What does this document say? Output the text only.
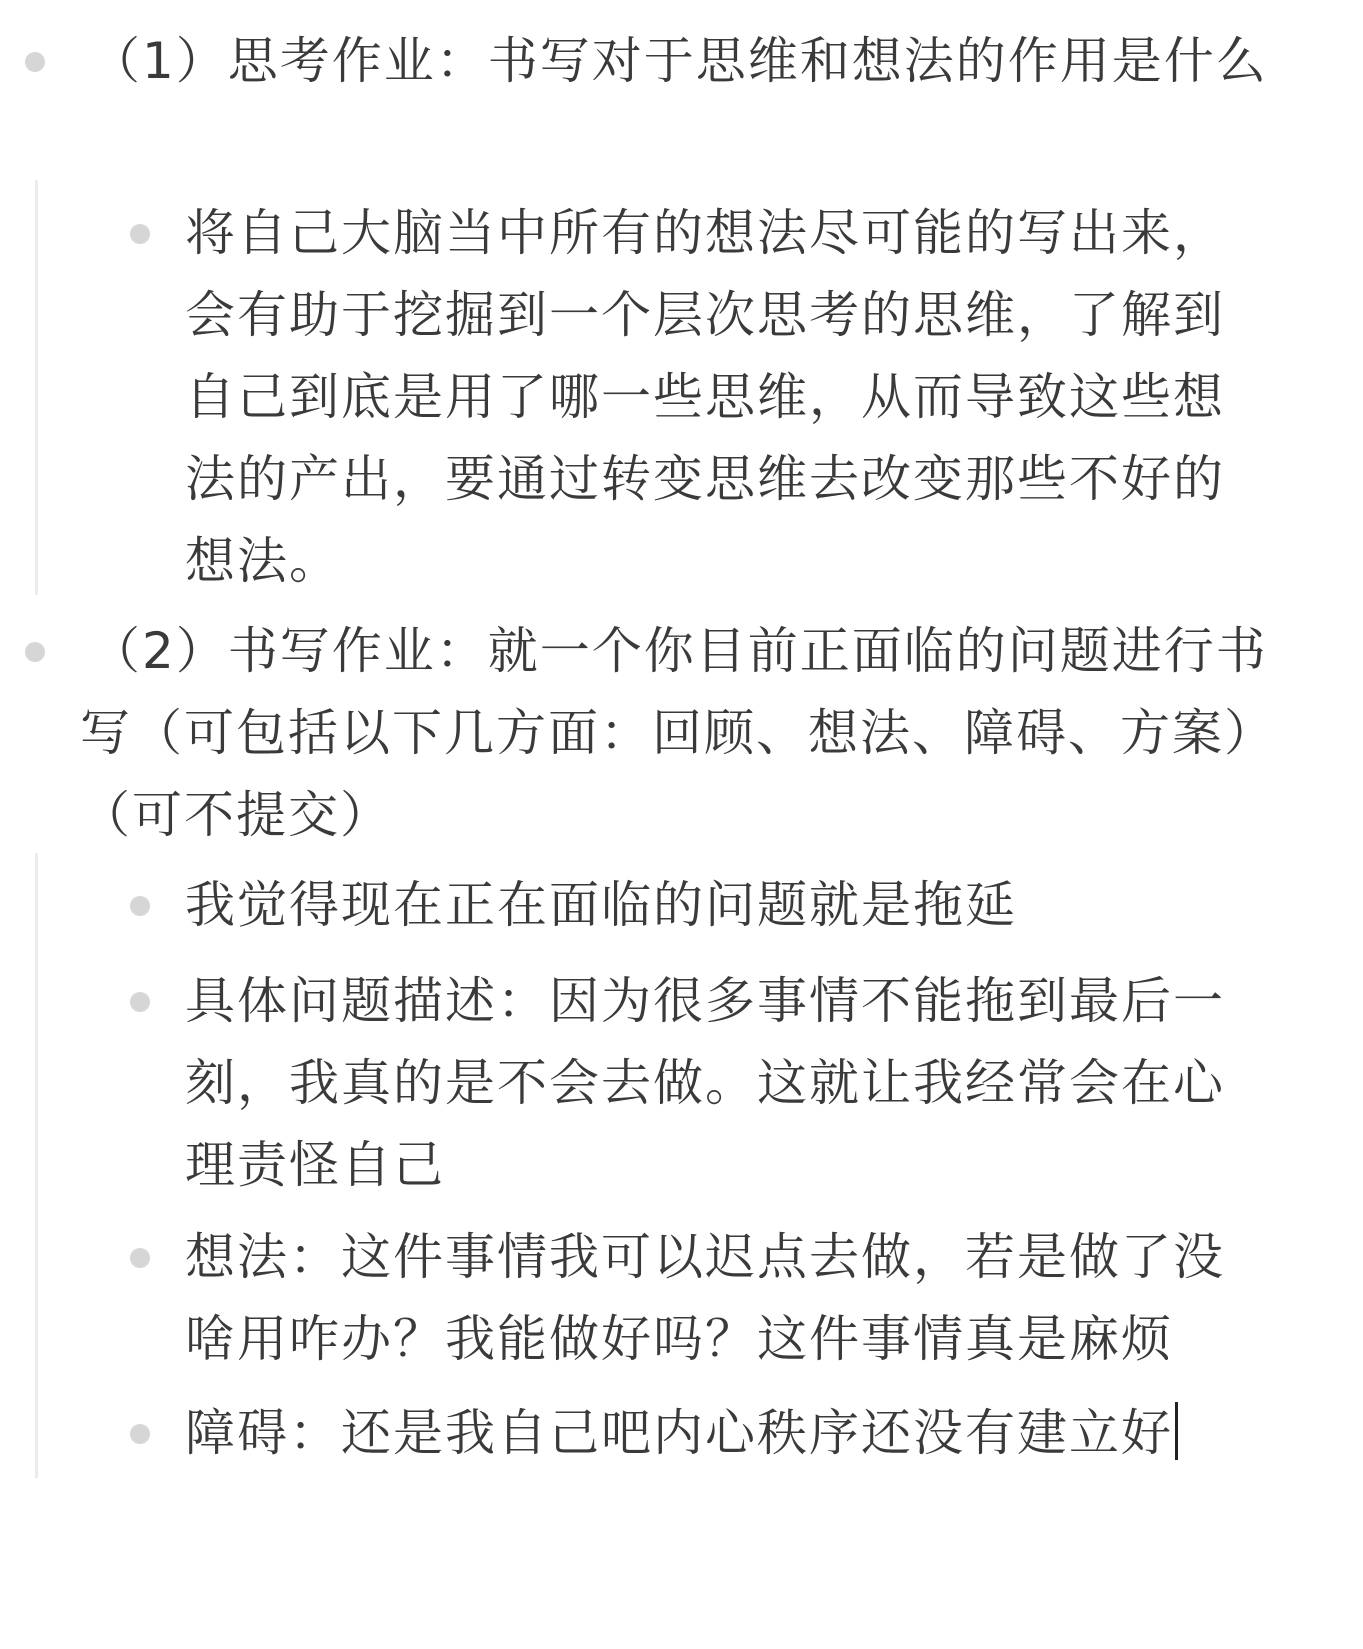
（1）思考作业：书写对于思维和想法的作用是什么
将自己大脑当中所有的想法尽可能的写出来，会有助于挖掘到一个层次思考的思维，了解到自己到底是用了哪一些思维，从而导致这些想法的产出，要通过转变思维去改变那些不好的想法。
（2）书写作业：就一个你目前正面临的问题进行书写（可包括以下几方面：回顾、想法、障碍、方案）（可不提交）
我觉得现在正在面临的问题就是拖延
具体问题描述：因为很多事情不能拖到最后一刻，我真的是不会去做。这就让我经常会在心理责怪自己
想法：这件事情我可以迟点去做，若是做了没啥用咋办？我能做好吗？这件事情真是麻烦
障碍：还是我自己吧内心秩序还没有建立好
